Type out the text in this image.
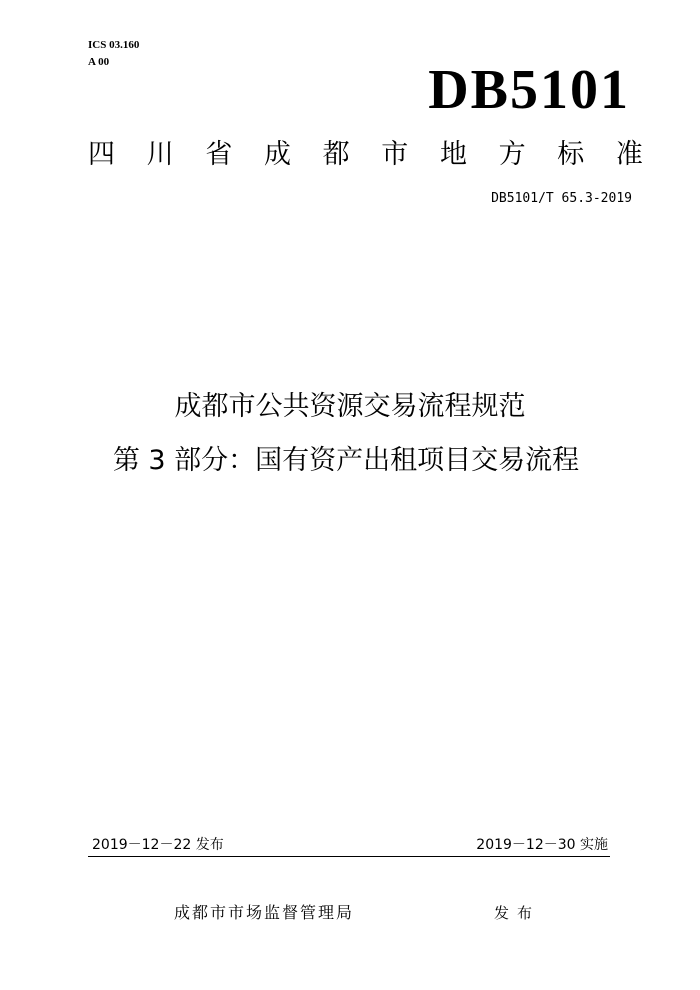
ICS 03.160
A 00	DB5101
四 川 省 成 都 市 地 方 标 准
DB5101/T 65.3-2019
成都市公共资源交易流程规范
第 3 部分：国有资产出租项目交易流程
2019－12－22 发布	2019－12－30 实施
成都市市场监督管理局	发布
